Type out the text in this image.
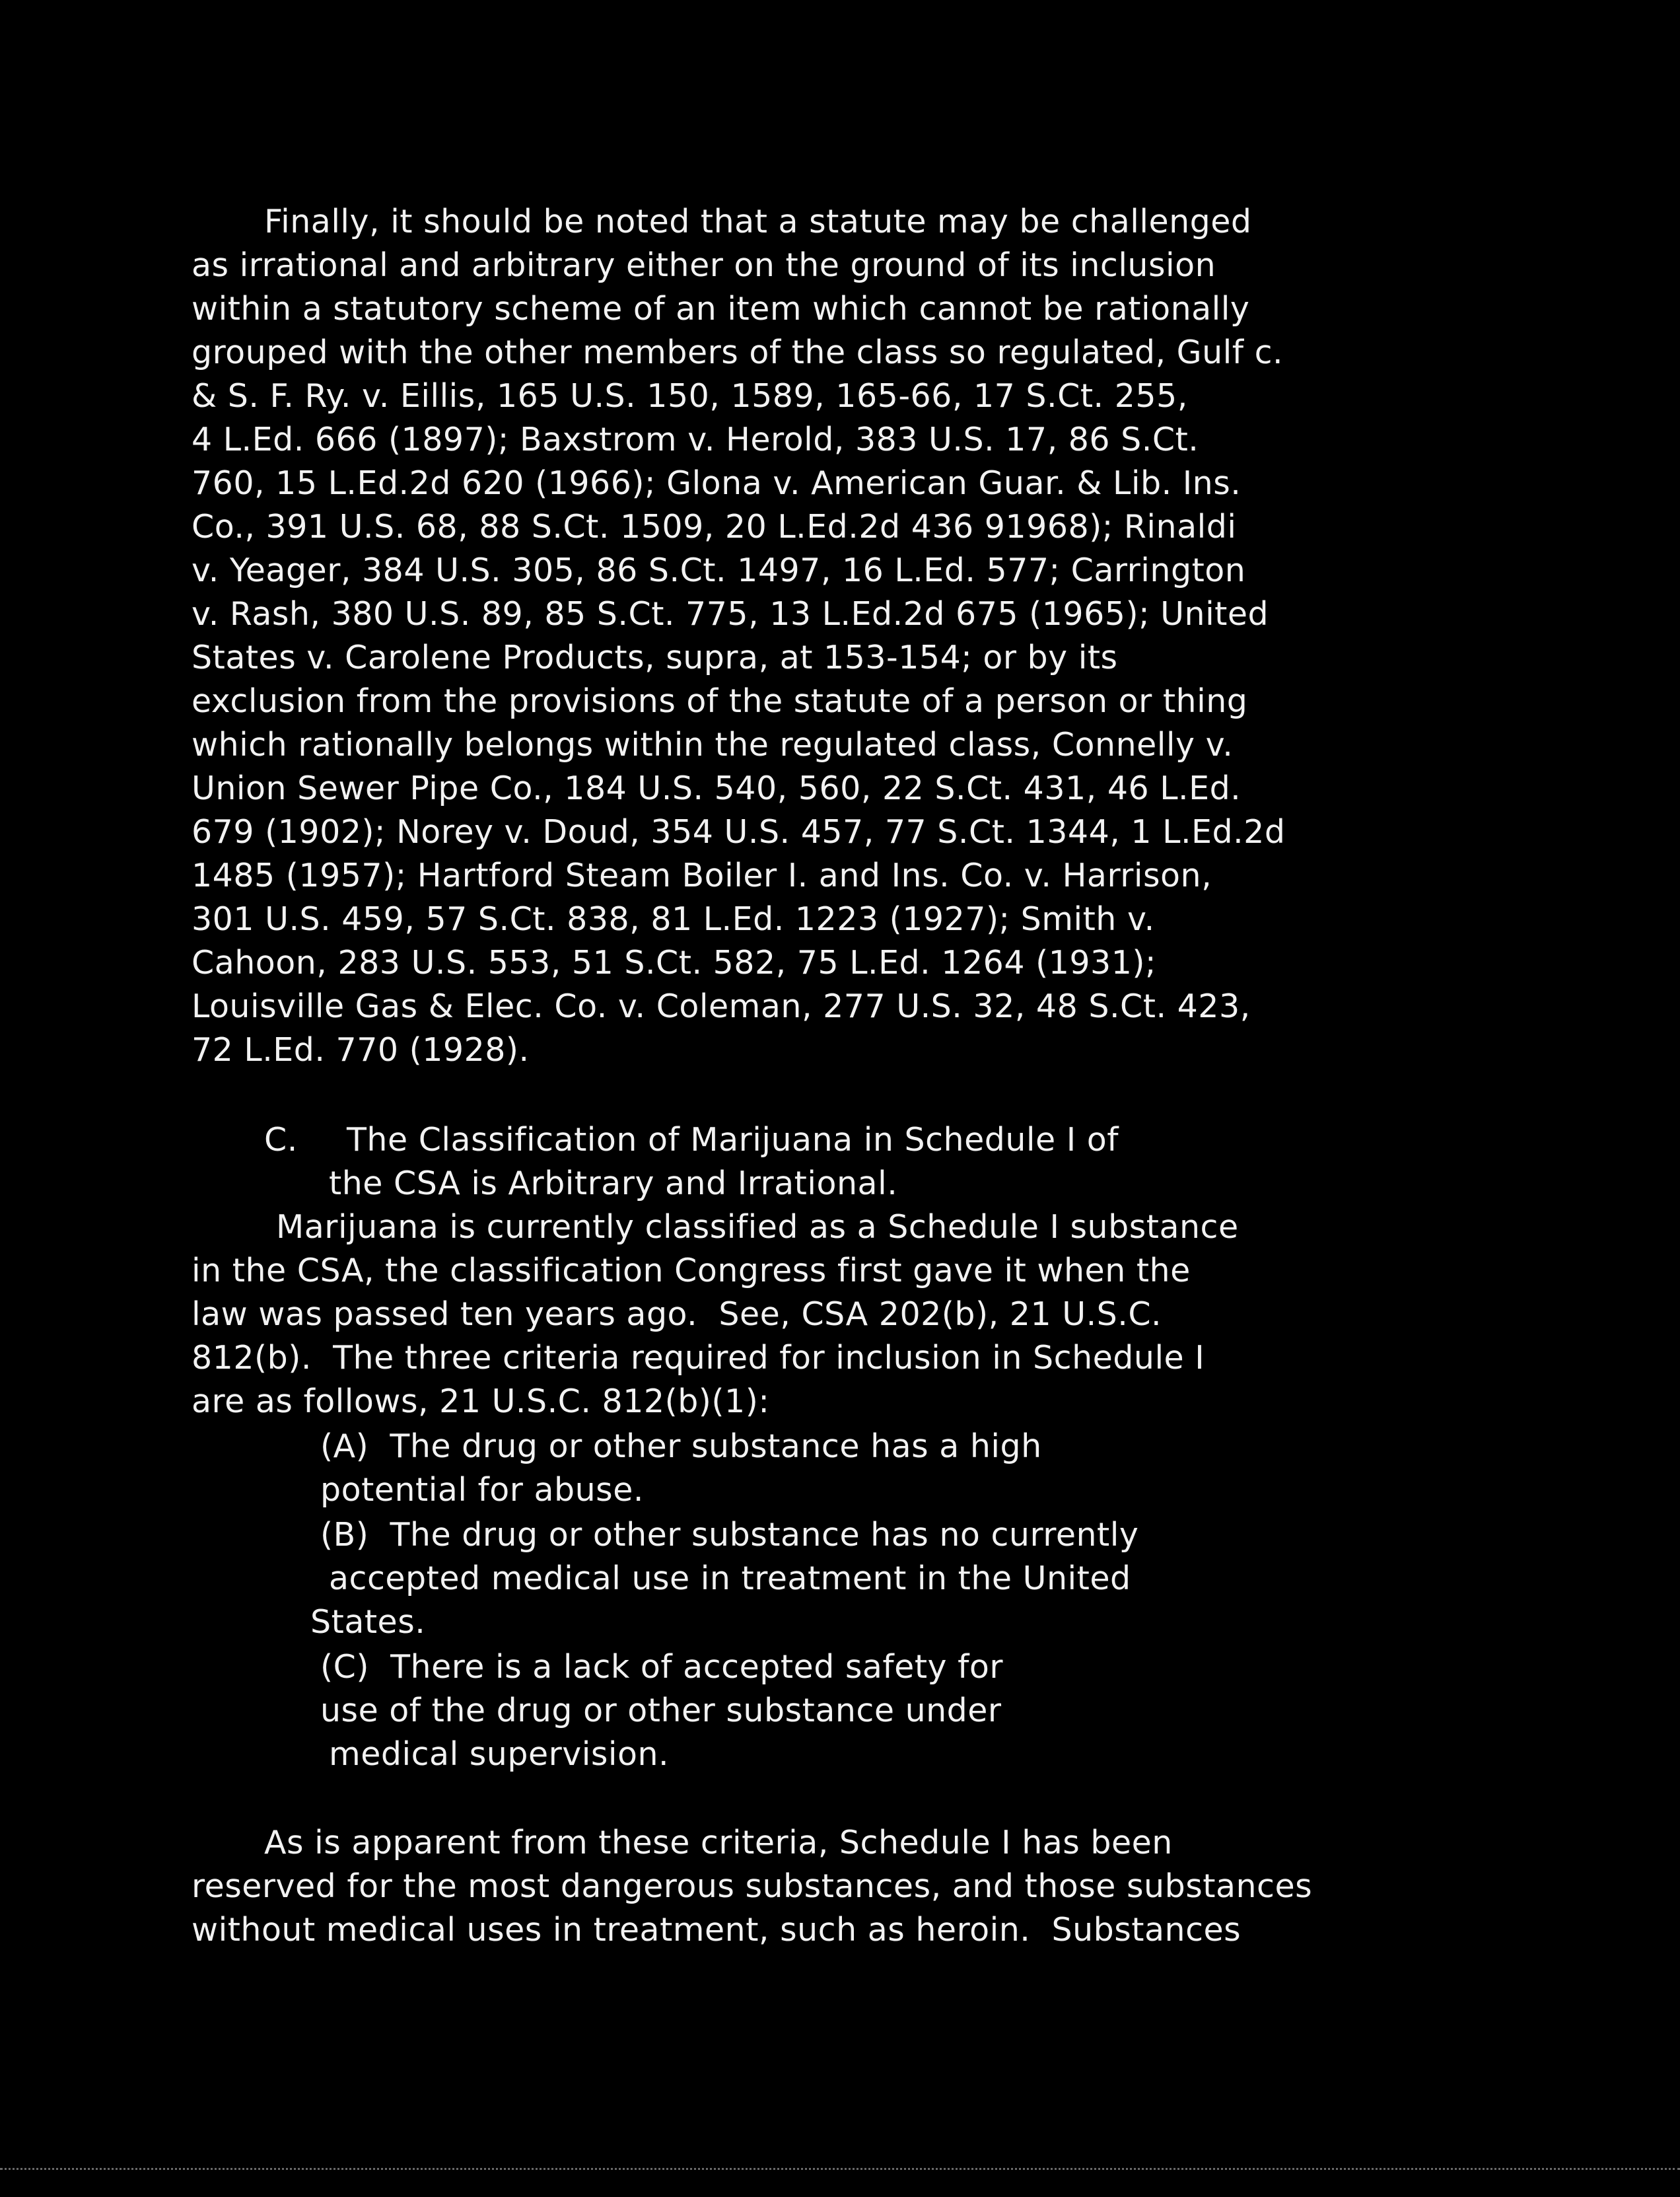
Finally, it should be noted that a statute may be challenged
as irrational and arbitrary either on the ground of its inclusion
within a statutory scheme of an item which cannot be rationally
grouped with the other members of the class so regulated, Gulf c.
& S. F. Ry. v. Eillis, 165 U.S. 150, 1589, 165-66, 17 S.Ct. 255,
4 L.Ed. 666 (1897); Baxstrom v. Herold, 383 U.S. 17, 86 S.Ct.
760, 15 L.Ed.2d 620 (1966); Glona v. American Guar. & Lib. Ins.
Co., 391 U.S. 68, 88 S.Ct. 1509, 20 L.Ed.2d 436 91968); Rinaldi
v. Yeager, 384 U.S. 305, 86 S.Ct. 1497, 16 L.Ed. 577; Carrington
v. Rash, 380 U.S. 89, 85 S.Ct. 775, 13 L.Ed.2d 675 (1965); United
States v. Carolene Products, supra, at 153-154; or by its
exclusion from the provisions of the statute of a person or thing
which rationally belongs within the regulated class, Connelly v.
Union Sewer Pipe Co., 184 U.S. 540, 560, 22 S.Ct. 431, 46 L.Ed.
679 (1902); Norey v. Doud, 354 U.S. 457, 77 S.Ct. 1344, 1 L.Ed.2d
1485 (1957); Hartford Steam Boiler I. and Ins. Co. v. Harrison,
301 U.S. 459, 57 S.Ct. 838, 81 L.Ed. 1223 (1927); Smith v.
Cahoon, 283 U.S. 553, 51 S.Ct. 582, 75 L.Ed. 1264 (1931);
Louisville Gas & Elec. Co. v. Coleman, 277 U.S. 32, 48 S.Ct. 423,
72 L.Ed. 770 (1928).
C. The Classification of Marijuana in Schedule I of
the CSA is Arbitrary and Irrational.
Marijuana is currently classified as a Schedule I substance
in the CSA, the classification Congress first gave it when the
law was passed ten years ago.  See, CSA 202(b), 21 U.S.C.
812(b).  The three criteria required for inclusion in Schedule I
are as follows, 21 U.S.C. 812(b)(1):
(A)  The drug or other substance has a high
potential for abuse.
(B)  The drug or other substance has no currently
accepted medical use in treatment in the United
States.
(C)  There is a lack of accepted safety for
use of the drug or other substance under
medical supervision.
As is apparent from these criteria, Schedule I has been
reserved for the most dangerous substances, and those substances
without medical uses in treatment, such as heroin.  Substances
